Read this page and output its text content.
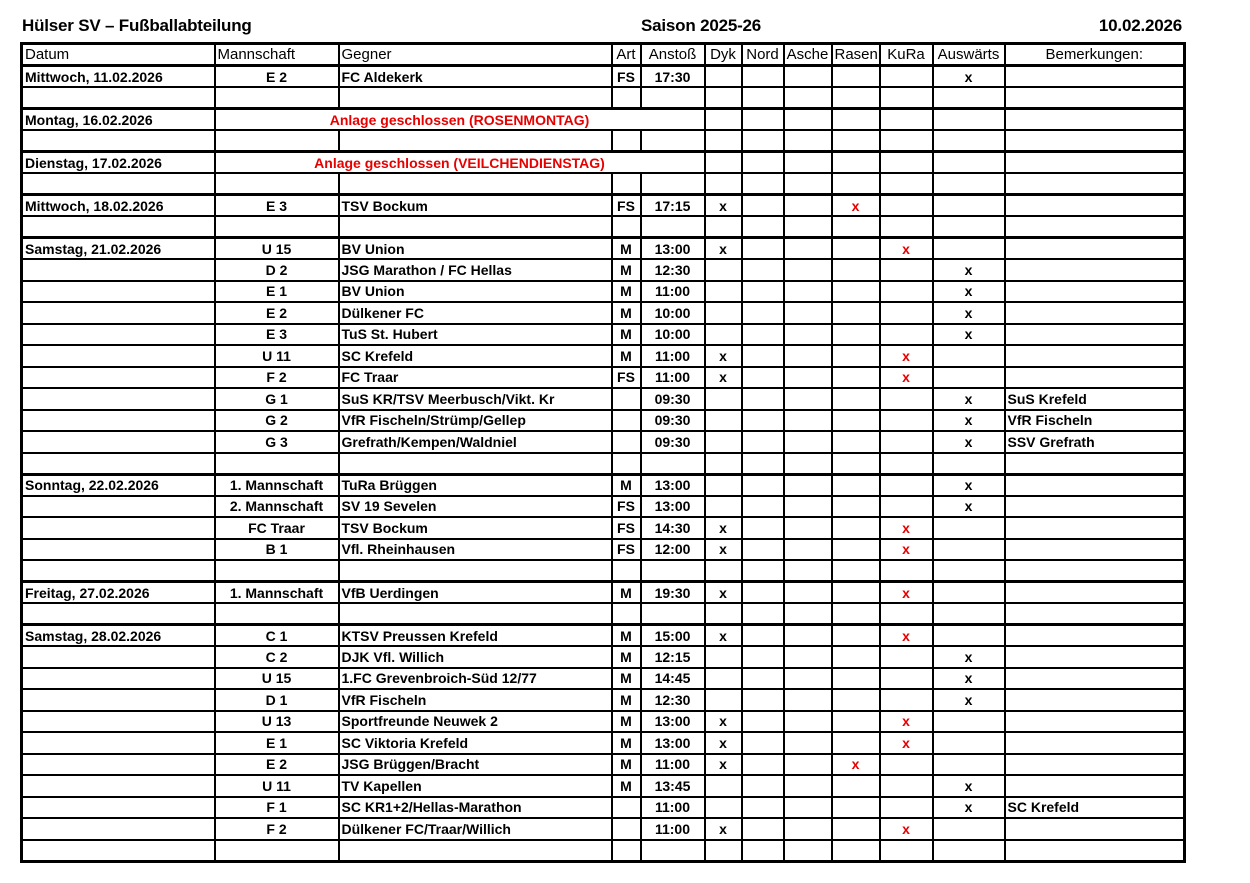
Hülser SV – Fußballabteilung	Saison 2025-26	10.02.2026
Datum	Mannschaft	Gegner	Art	Anstoß	Dyk	Nord	Asche	Rasen	KuRa	Auswärts	Bemerkungen:
Mittwoch, 11.02.2026	E 2	FC Aldekerk	FS	17:30						x	

Montag, 16.02.2026	Anlage geschlossen (ROSENMONTAG)										

Dienstag, 17.02.2026	Anlage geschlossen (VEILCHENDIENSTAG)										

Mittwoch, 18.02.2026	E 3	TSV Bockum	FS	17:15	x			x			

Samstag, 21.02.2026	U 15	BV Union	M	13:00	x				x		
	D 2	JSG Marathon / FC Hellas	M	12:30						x	
	E 1	BV Union	M	11:00						x	
	E 2	Dülkener FC	M	10:00						x	
	E 3	TuS St. Hubert	M	10:00						x	
	U 11	SC Krefeld	M	11:00	x				x		
	F 2	FC Traar	FS	11:00	x				x		
	G 1	SuS KR/TSV Meerbusch/Vikt. Kr		09:30						x	SuS Krefeld
	G 2	VfR Fischeln/Strümp/Gellep		09:30						x	VfR Fischeln
	G 3	Grefrath/Kempen/Waldniel		09:30						x	SSV Grefrath

Sonntag, 22.02.2026	1. Mannschaft	TuRa Brüggen	M	13:00						x	
	2. Mannschaft	SV 19 Sevelen	FS	13:00						x	
	FC Traar	TSV Bockum	FS	14:30	x				x		
	B 1	Vfl. Rheinhausen	FS	12:00	x				x		

Freitag, 27.02.2026	1. Mannschaft	VfB Uerdingen	M	19:30	x				x		

Samstag, 28.02.2026	C 1	KTSV Preussen Krefeld	M	15:00	x				x		
	C 2	DJK Vfl. Willich	M	12:15						x	
	U 15	1.FC Grevenbroich-Süd 12/77	M	14:45						x	
	D 1	VfR Fischeln	M	12:30						x	
	U 13	Sportfreunde Neuwek 2	M	13:00	x				x		
	E 1	SC Viktoria Krefeld	M	13:00	x				x		
	E 2	JSG Brüggen/Bracht	M	11:00	x			x			
	U 11	TV Kapellen	M	13:45						x	
	F 1	SC KR1+2/Hellas-Marathon		11:00						x	SC Krefeld
	F 2	Dülkener FC/Traar/Willich		11:00	x				x		
